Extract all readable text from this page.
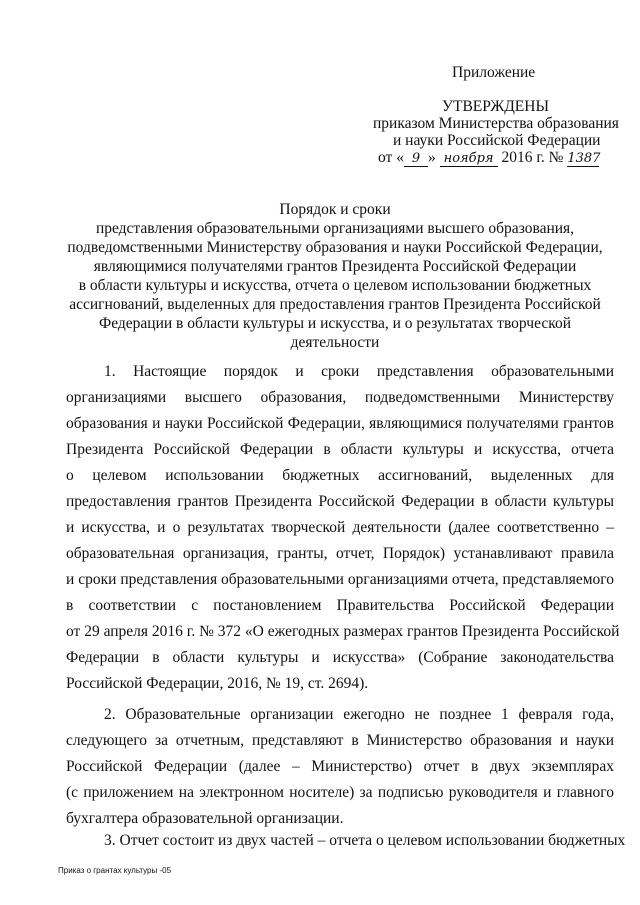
Приложение
УТВЕРЖДЕНЫ
приказом Министерства образования
и науки Российской Федерации
от « 9 » ноября 2016 г. № 1387
Порядок и сроки
представления образовательными организациями высшего образования,
подведомственными Министерству образования и науки Российской Федерации,
являющимися получателями грантов Президента Российской Федерации
в области культуры и искусства, отчета о целевом использовании бюджетных
ассигнований, выделенных для предоставления грантов Президента Российской
Федерации в области культуры и искусства, и о результатах творческой
деятельности
1. Настоящие порядок и сроки представления образовательными
организациями высшего образования, подведомственными Министерству
образования и науки Российской Федерации, являющимися получателями грантов
Президента Российской Федерации в области культуры и искусства, отчета
о целевом использовании бюджетных ассигнований, выделенных для
предоставления грантов Президента Российской Федерации в области культуры
и искусства, и о результатах творческой деятельности (далее соответственно –
образовательная организация, гранты, отчет, Порядок) устанавливают правила
и сроки представления образовательными организациями отчета, представляемого
в соответствии с постановлением Правительства Российской Федерации
от 29 апреля 2016 г. № 372 «О ежегодных размерах грантов Президента Российской
Федерации в области культуры и искусства» (Собрание законодательства
Российской Федерации, 2016, № 19, ст. 2694).
2. Образовательные организации ежегодно не позднее 1 февраля года,
следующего за отчетным, представляют в Министерство образования и науки
Российской Федерации (далее – Министерство) отчет в двух экземплярах
(с приложением на электронном носителе) за подписью руководителя и главного
бухгалтера образовательной организации.
3. Отчет состоит из двух частей – отчета о целевом использовании бюджетных
Приказ о грантах культуры -05
